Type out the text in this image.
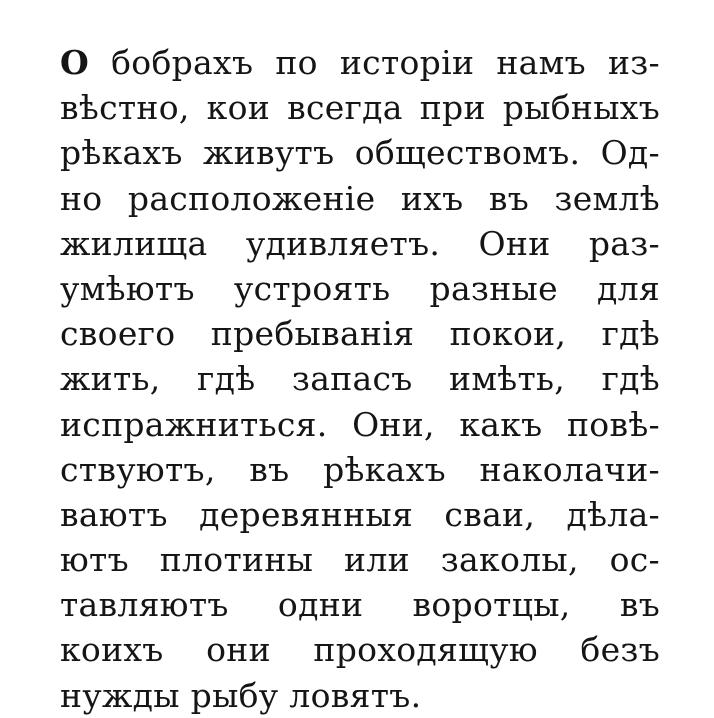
О бобрахъ по исторіи намъ из-
вѣстно, кои всегда при рыбныхъ
рѣкахъ живутъ обществомъ. Од-
но расположенiе ихъ въ землѣ
жилища удивляетъ. Они раз-
умѣютъ устроять разные для
своего пребыванiя покои, гдѣ
жить, гдѣ запасъ имѣть, гдѣ
испражниться. Они, какъ повѣ-
ствуютъ, въ рѣкахъ наколачи-
ваютъ деревянныя сваи, дѣла-
ютъ плотины или заколы, ос-
тавляютъ одни воротцы, въ
коихъ они проходящую безъ
нужды рыбу ловятъ.
